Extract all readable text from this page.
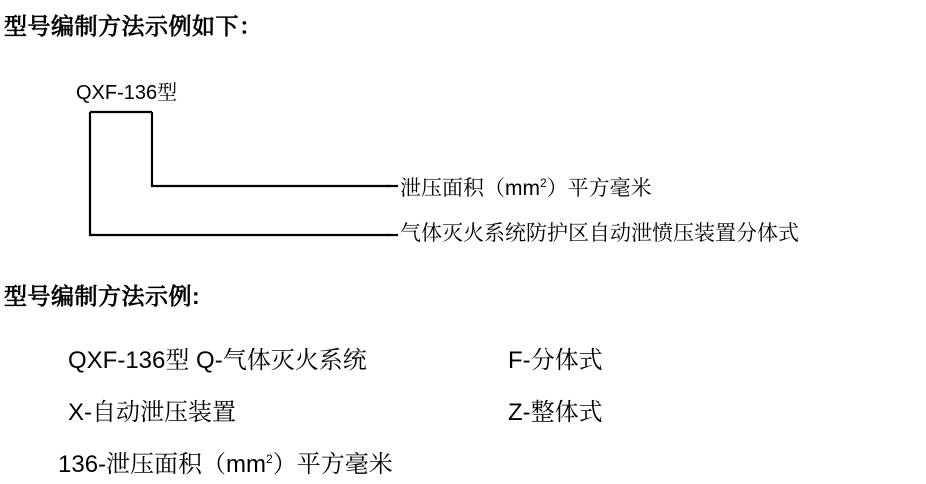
型号编制方法示例如下：
QXF-136型
泄压面积$(mm^2)$平方毫米
气体灭火系统防护区自动泄愤压装置分体式
型号编制方法示例:
QXF-136型 Q-气体灭火系统	F-分体式
X-自动泄压装置	Z-整体式
136-泄压面积$(mm^2)$平方毫米
